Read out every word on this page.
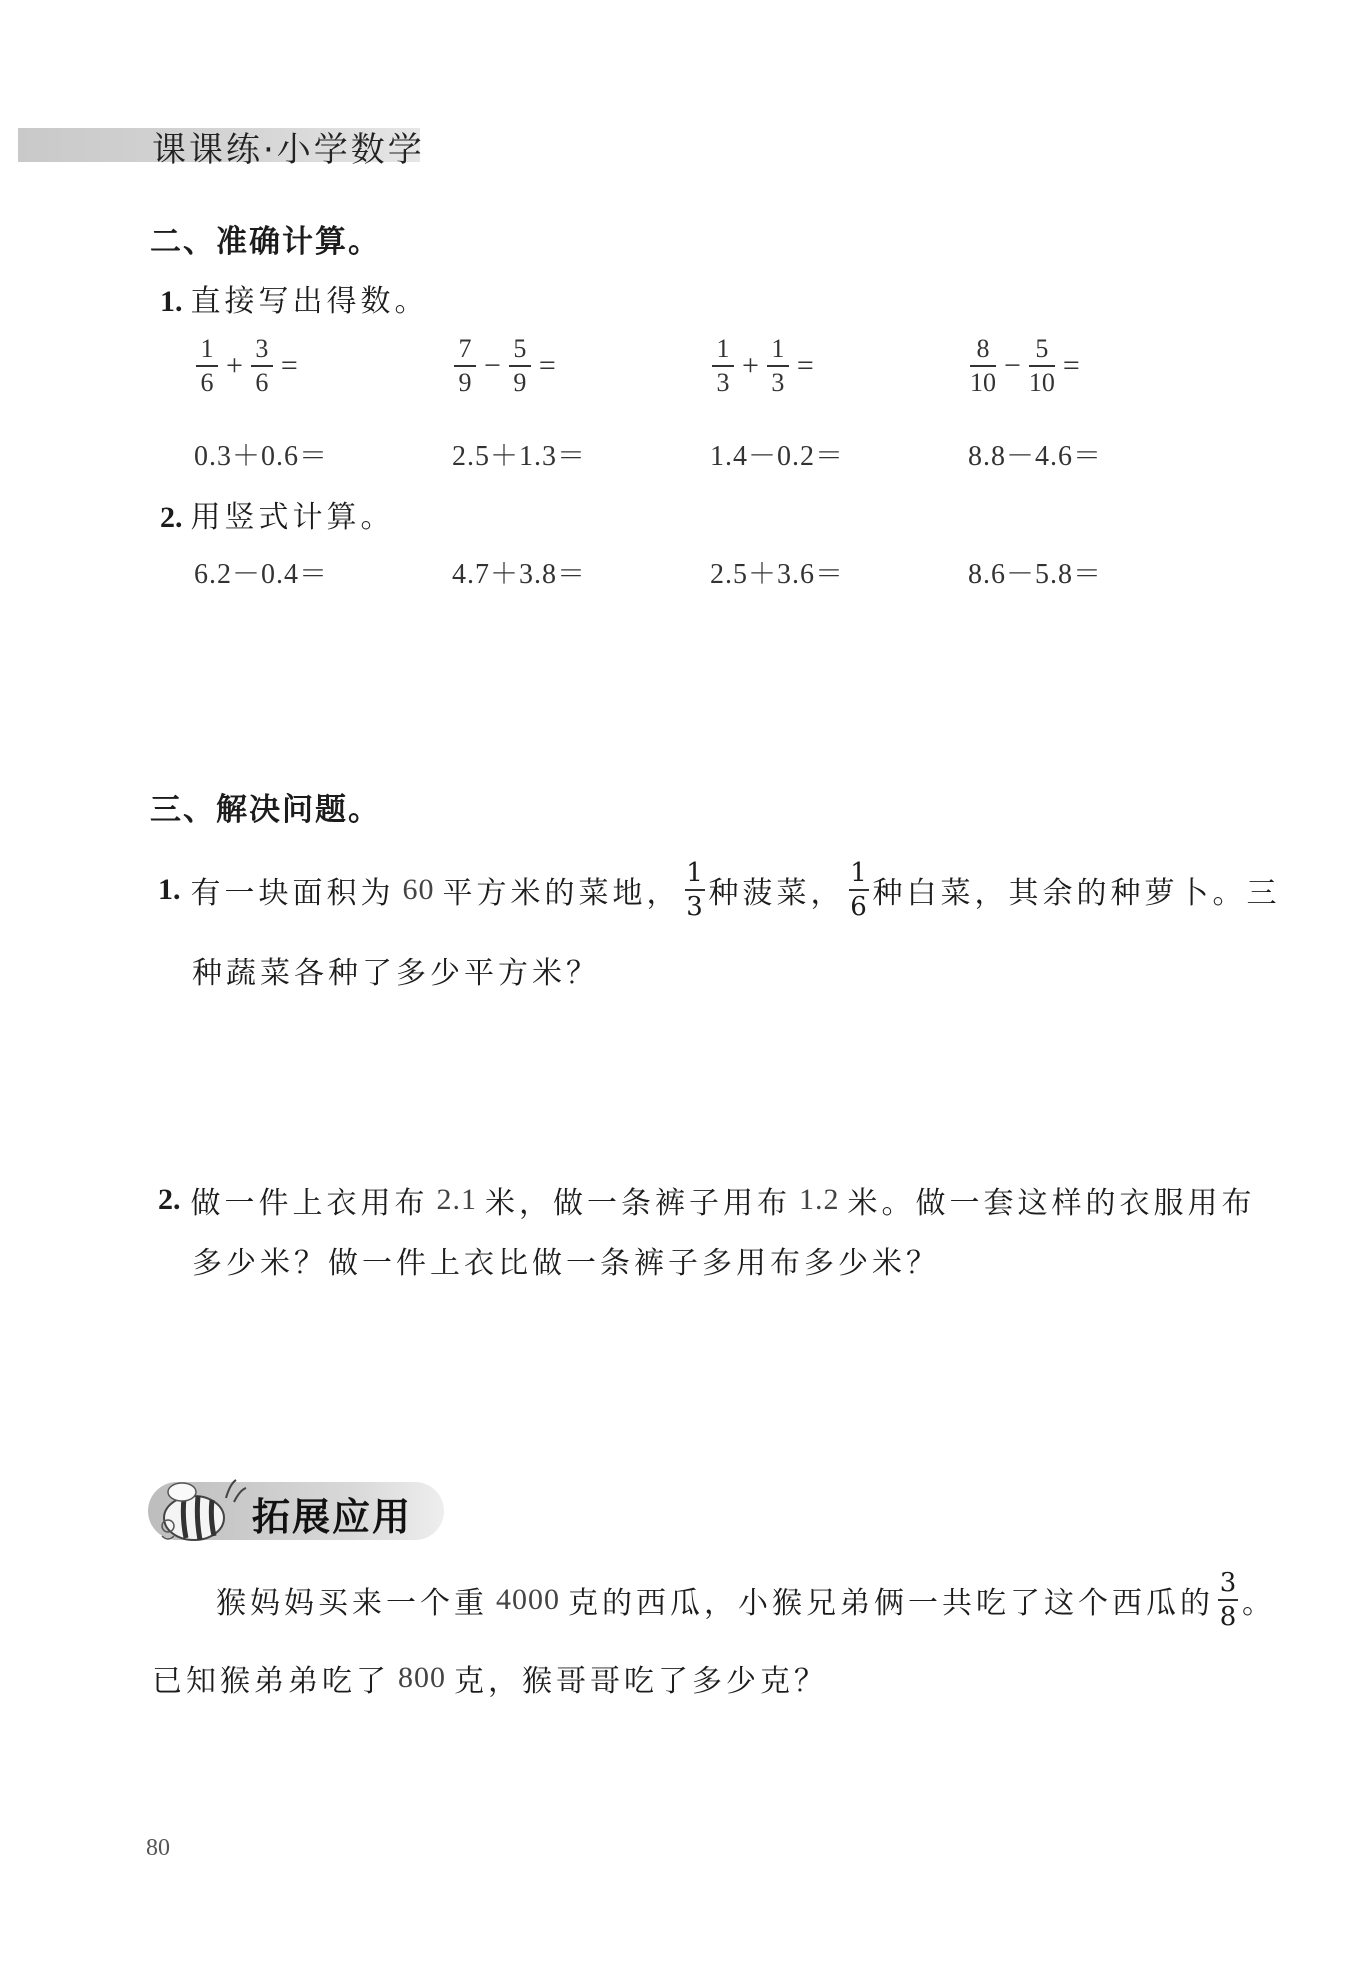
课课练·小学数学
二、准确计算。
1. 直接写出得数。
$\frac{1}{6} + \frac{3}{6}$ =	$\frac{7}{9} - \frac{5}{9}$ =	$\frac{1}{3} + \frac{1}{3}$ =	$\frac{8}{10} - \frac{5}{10}$ =
0.3＋0.6＝	2.5＋1.3＝	1.4－0.2＝	8.8－4.6＝
2. 用竖式计算。
6.2－0.4＝	4.7＋3.8＝	2.5＋3.6＝	8.6－5.8＝
三、解决问题。
1. 有一块面积为 60 平方米的菜地， $\frac{1}{3}$ 种菠菜， $\frac{1}{6}$ 种白菜，其余的种萝卜。三
种蔬菜各种了多少平方米？
2. 做一件上衣用布 2.1 米，做一条裤子用布 1.2 米。做一套这样的衣服用布
多少米？做一件上衣比做一条裤子多用布多少米？
拓展应用
猴妈妈买来一个重 4000 克的西瓜，小猴兄弟俩一共吃了这个西瓜的 $\frac{3}{8}$ 。
已知猴弟弟吃了 800 克，猴哥哥吃了多少克？
80
